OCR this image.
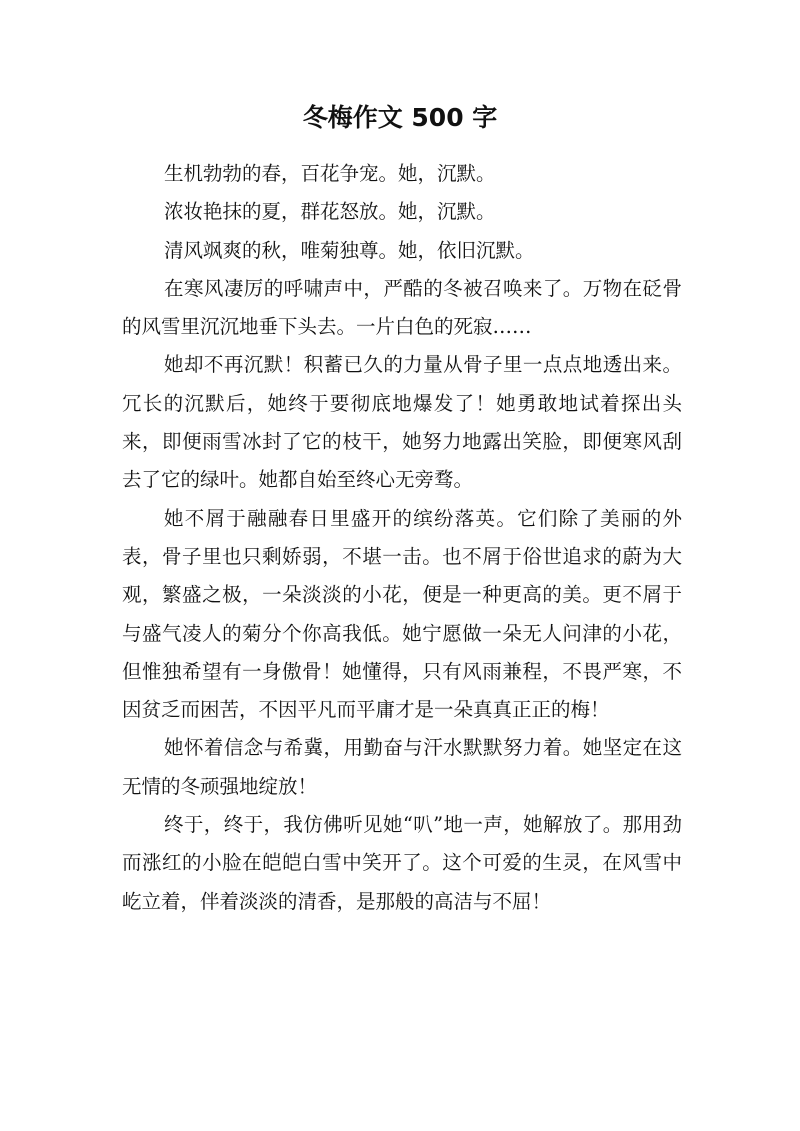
冬梅作文 500 字

生机勃勃的春，百花争宠。她，沉默。

浓妆艳抹的夏，群花怒放。她，沉默。

清风飒爽的秋，唯菊独尊。她，依旧沉默。

在寒风凄厉的呼啸声中，严酷的冬被召唤来了。万物在砭骨的风雪里沉沉地垂下头去。一片白色的死寂……

她却不再沉默！积蓄已久的力量从骨子里一点点地透出来。冗长的沉默后，她终于要彻底地爆发了！她勇敢地试着探出头来，即便雨雪冰封了它的枝干，她努力地露出笑脸，即便寒风刮去了它的绿叶。她都自始至终心无旁骛。

她不屑于融融春日里盛开的缤纷落英。它们除了美丽的外表，骨子里也只剩娇弱，不堪一击。也不屑于俗世追求的蔚为大观，繁盛之极，一朵淡淡的小花，便是一种更高的美。更不屑于与盛气凌人的菊分个你高我低。她宁愿做一朵无人问津的小花，但惟独希望有一身傲骨！她懂得，只有风雨兼程，不畏严寒，不因贫乏而困苦，不因平凡而平庸才是一朵真真正正的梅！

她怀着信念与希冀，用勤奋与汗水默默努力着。她坚定在这无情的冬顽强地绽放！

终于，终于，我仿佛听见她“叭”地一声，她解放了。那用劲而涨红的小脸在皑皑白雪中笑开了。这个可爱的生灵，在风雪中屹立着，伴着淡淡的清香，是那般的高洁与不屈！
